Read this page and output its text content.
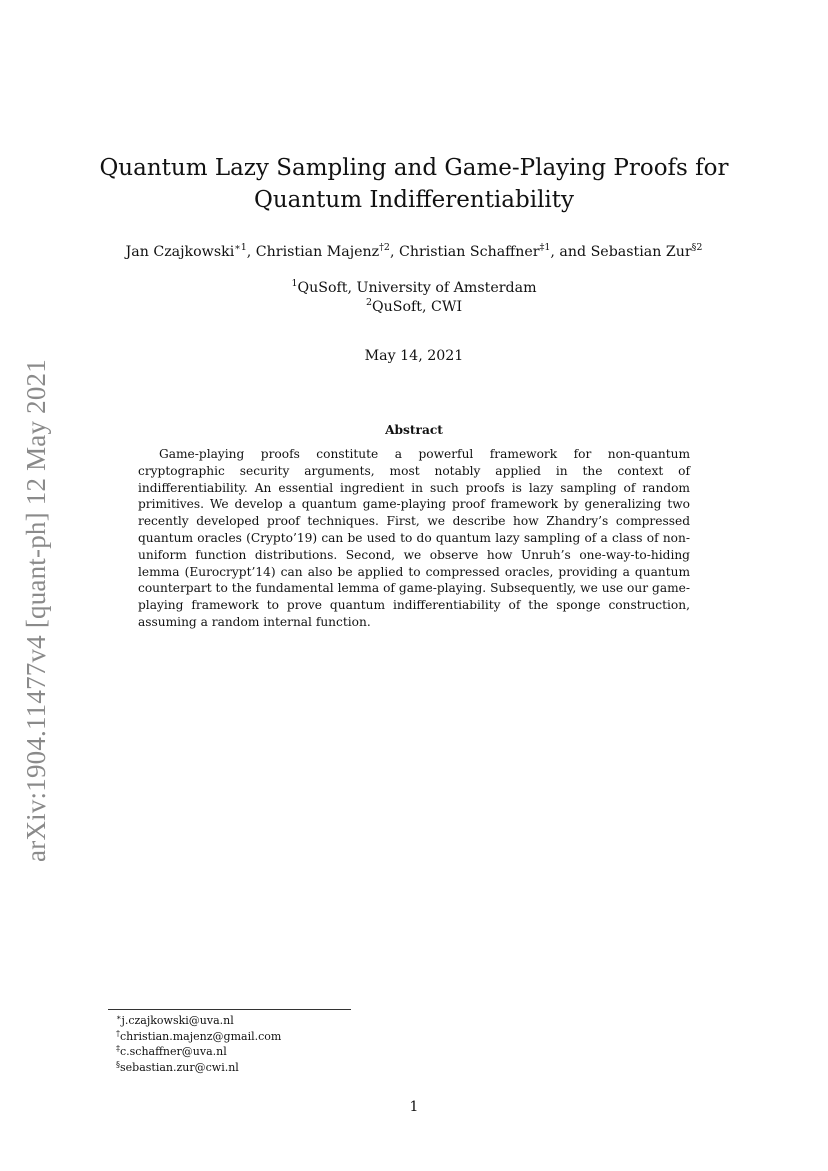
arXiv:1904.11477v4 [quant-ph] 12 May 2021
Quantum Lazy Sampling and Game-Playing Proofs for
Quantum Indifferentiability
Jan Czajkowski$^{∗1}$, Christian Majenz$^{\dagger 2}$, Christian Schaffner$^{\ddagger 1}$, and Sebastian Zur$^{\S 2}$
$^1$QuSoft, University of Amsterdam
$^2$QuSoft, CWI
May 14, 2021
Abstract

Game-playing proofs constitute a powerful framework for non-quantum cryptographic security arguments, most notably applied in the context of indifferentiability. An essential ingredient in such proofs is lazy sampling of random primitives. We develop a quantum game-playing proof framework by generalizing two recently developed proof techniques. First, we describe how Zhandry’s compressed quantum oracles (Crypto’19) can be used to do quantum lazy sampling of a class of non-uniform function distributions. Second, we observe how Unruh’s one-way-to-hiding lemma (Eurocrypt’14) can also be applied to compressed oracles, providing a quantum counterpart to the fundamental lemma of game-playing. Subsequently, we use our game-playing framework to prove quantum indifferentiability of the sponge construction, assuming a random internal function.

∗j.czajkowski@uva.nl
†christian.majenz@gmail.com
‡c.schaffner@uva.nl
§sebastian.zur@cwi.nl
1
